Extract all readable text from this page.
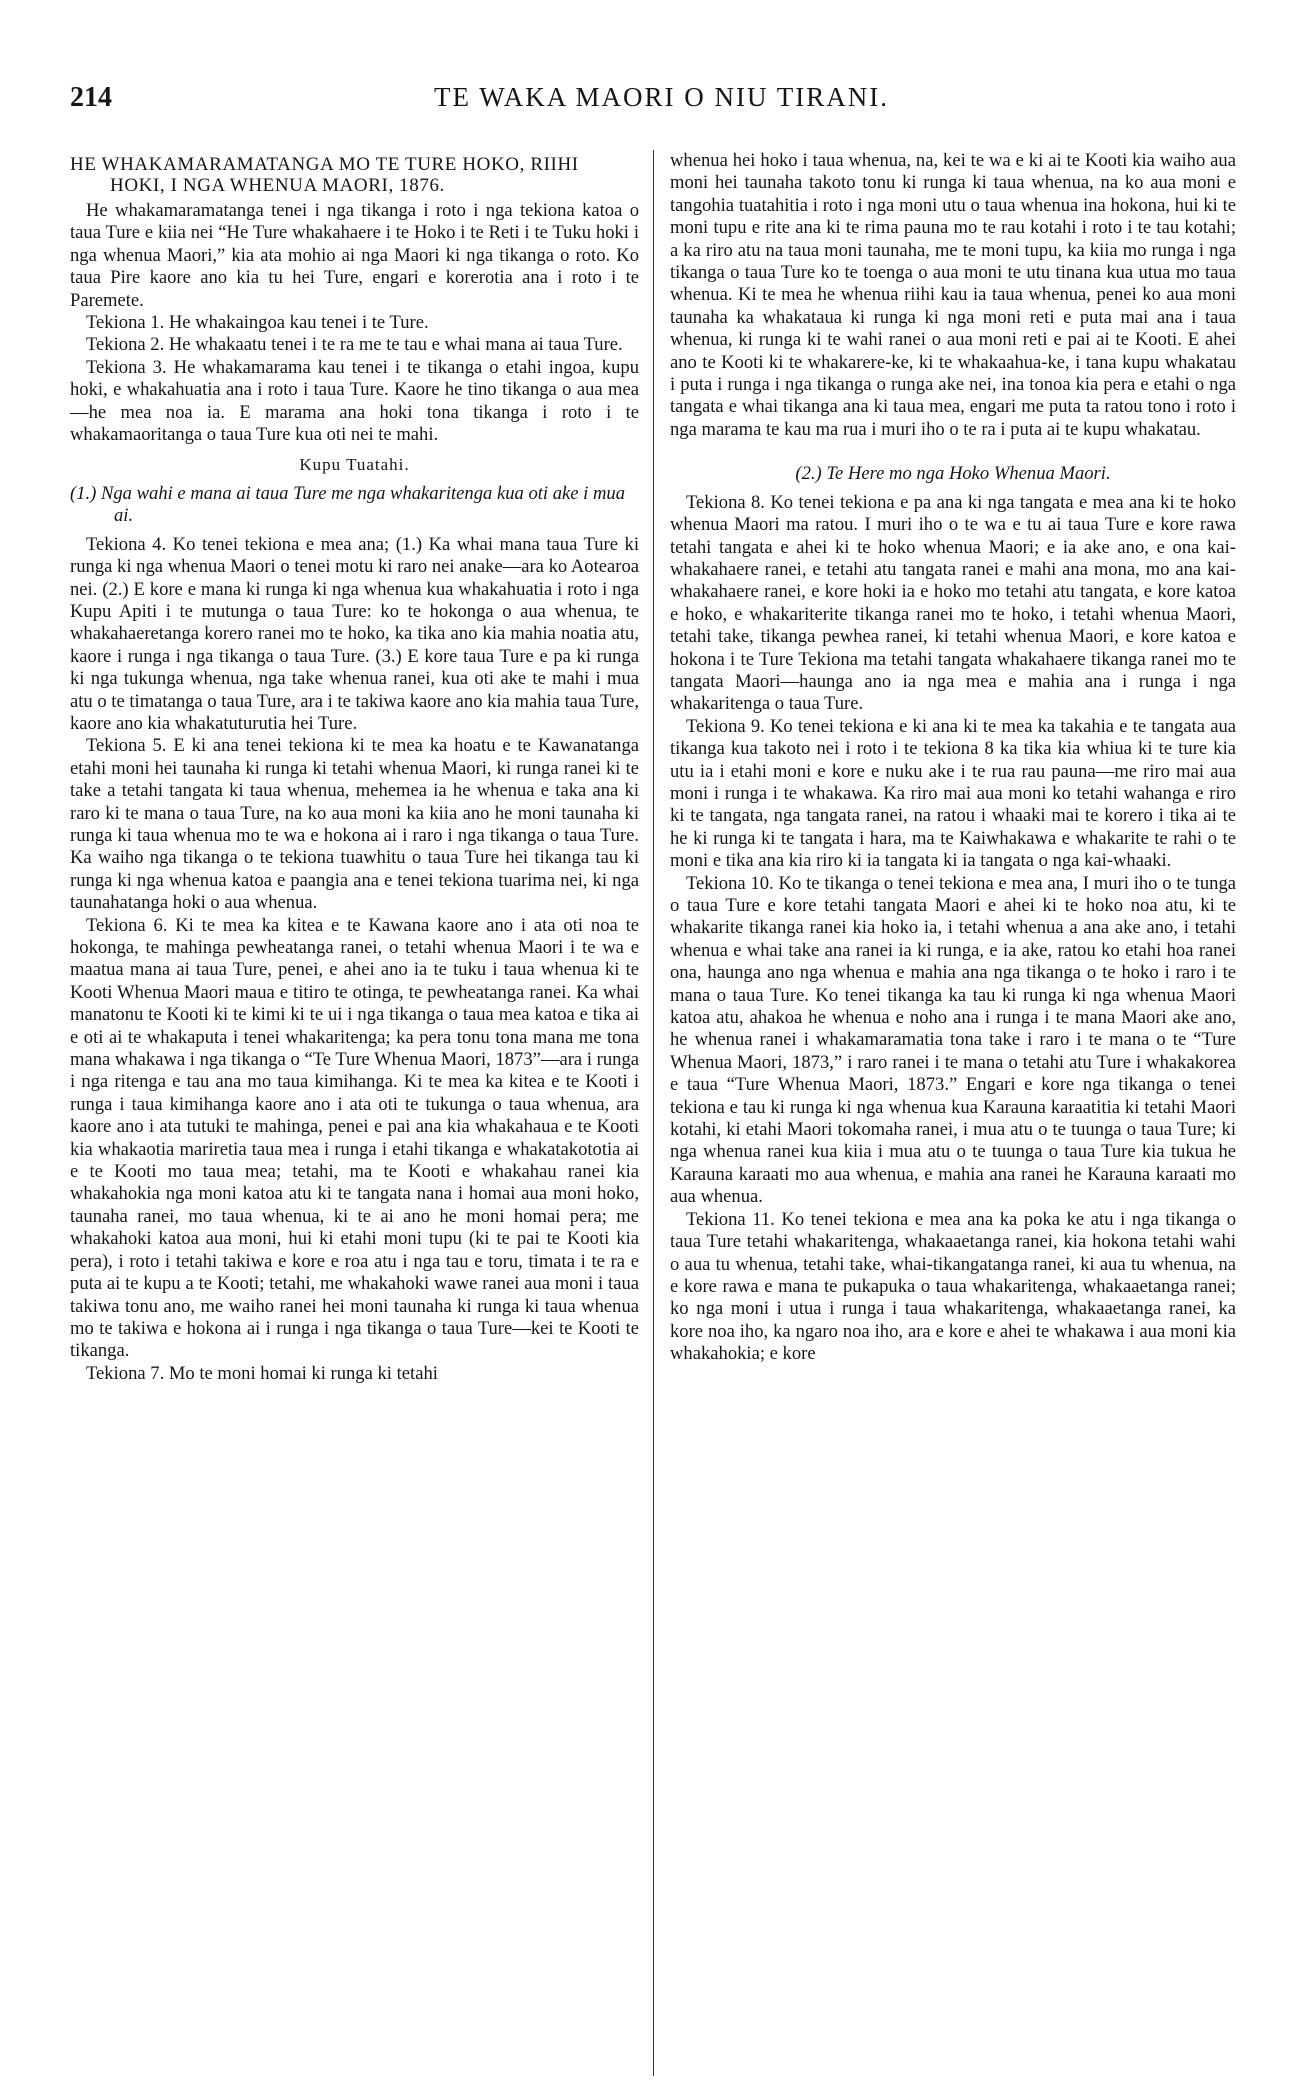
214	TE WAKA MAORI O NIU TIRANI.
HE WHAKAMARAMATANGA MO TE TURE HOKO, RIIHI HOKI, I NGA WHENUA MAORI, 1876.

He whakamaramatanga tenei i nga tikanga i roto i nga tekiona katoa o taua Ture e kiia nei “He Ture whakahaere i te Hoko i te Reti i te Tuku hoki i nga whenua Maori,” kia ata mohio ai nga Maori ki nga tikanga o roto. Ko taua Pire kaore ano kia tu hei Ture, engari e korerotia ana i roto i te Paremete.

Tekiona 1. He whakaingoa kau tenei i te Ture.

Tekiona 2. He whakaatu tenei i te ra me te tau e whai mana ai taua Ture.

Tekiona 3. He whakamarama kau tenei i te tikanga o etahi ingoa, kupu hoki, e whakahuatia ana i roto i taua Ture. Kaore he tino tikanga o aua mea —he mea noa ia. E marama ana hoki tona tikanga i roto i te whakamaoritanga o taua Ture kua oti nei te mahi.

Kupu Tuatahi.
(1.) Nga wahi e mana ai taua Ture me nga whakaritenga kua oti ake i mua ai.

Tekiona 4. Ko tenei tekiona e mea ana; (1.) Ka whai mana taua Ture ki runga ki nga whenua Maori o tenei motu ki raro nei anake—ara ko Aotearoa nei. (2.) E kore e mana ki runga ki nga whenua kua whakahuatia i roto i nga Kupu Apiti i te mutunga o taua Ture: ko te hokonga o aua whenua, te whakahaeretanga korero ranei mo te hoko, ka tika ano kia mahia noatia atu, kaore i runga i nga tikanga o taua Ture. (3.) E kore taua Ture e pa ki runga ki nga tukunga whenua, nga take whenua ranei, kua oti ake te mahi i mua atu o te timatanga o taua Ture, ara i te takiwa kaore ano kia mahia taua Ture, kaore ano kia whakatuturutia hei Ture.

Tekiona 5. E ki ana tenei tekiona ki te mea ka hoatu e te Kawanatanga etahi moni hei taunaha ki runga ki tetahi whenua Maori, ki runga ranei ki te take a tetahi tangata ki taua whenua, mehemea ia he whenua e taka ana ki raro ki te mana o taua Ture, na ko aua moni ka kiia ano he moni taunaha ki runga ki taua whenua mo te wa e hokona ai i raro i nga tikanga o taua Ture. Ka waiho nga tikanga o te tekiona tuawhitu o taua Ture hei tikanga tau ki runga ki nga whenua katoa e paangia ana e tenei tekiona tuarima nei, ki nga taunahatanga hoki o aua whenua.

Tekiona 6. Ki te mea ka kitea e te Kawana kaore ano i ata oti noa te hokonga, te mahinga pewheatanga ranei, o tetahi whenua Maori i te wa e maatua mana ai taua Ture, penei, e ahei ano ia te tuku i taua whenua ki te Kooti Whenua Maori maua e titiro te otinga, te pewheatanga ranei. Ka whai manatonu te Kooti ki te kimi ki te ui i nga tikanga o taua mea katoa e tika ai e oti ai te whakaputa i tenei whakaritenga; ka pera tonu tona mana me tona mana whakawa i nga tikanga o “Te Ture Whenua Maori, 1873”—ara i runga i nga ritenga e tau ana mo taua kimihanga. Ki te mea ka kitea e te Kooti i runga i taua kimihanga kaore ano i ata oti te tukunga o taua whenua, ara kaore ano i ata tutuki te mahinga, penei e pai ana kia whakahaua e te Kooti kia whakaotia mariretia taua mea i runga i etahi tikanga e whakatakototia ai e te Kooti mo taua mea; tetahi, ma te Kooti e whakahau ranei kia whakahokia nga moni katoa atu ki te tangata nana i homai aua moni hoko, taunaha ranei, mo taua whenua, ki te ai ano he moni homai pera; me whakahoki katoa aua moni, hui ki etahi moni tupu (ki te pai te Kooti kia pera), i roto i tetahi takiwa e kore e roa atu i nga tau e toru, timata i te ra e puta ai te kupu a te Kooti; tetahi, me whakahoki wawe ranei aua moni i taua takiwa tonu ano, me waiho ranei hei moni taunaha ki runga ki taua whenua mo te takiwa e hokona ai i runga i nga tikanga o taua Ture—kei te Kooti te tikanga.

Tekiona 7. Mo te moni homai ki runga ki tetahi

whenua hei hoko i taua whenua, na, kei te wa e ki ai te Kooti kia waiho aua moni hei taunaha takoto tonu ki runga ki taua whenua, na ko aua moni e tangohia tuatahitia i roto i nga moni utu o taua whenua ina hokona, hui ki te moni tupu e rite ana ki te rima pauna mo te rau kotahi i roto i te tau kotahi; a ka riro atu na taua moni taunaha, me te moni tupu, ka kiia mo runga i nga tikanga o taua Ture ko te toenga o aua moni te utu tinana kua utua mo taua whenua. Ki te mea he whenua riihi kau ia taua whenua, penei ko aua moni taunaha ka whakataua ki runga ki nga moni reti e puta mai ana i taua whenua, ki runga ki te wahi ranei o aua moni reti e pai ai te Kooti. E ahei ano te Kooti ki te whakarere-ke, ki te whakaahua-ke, i tana kupu whakatau i puta i runga i nga tikanga o runga ake nei, ina tonoa kia pera e etahi o nga tangata e whai tikanga ana ki taua mea, engari me puta ta ratou tono i roto i nga marama te kau ma rua i muri iho o te ra i puta ai te kupu whakatau.

(2.) Te Here mo nga Hoko Whenua Maori.

Tekiona 8. Ko tenei tekiona e pa ana ki nga tangata e mea ana ki te hoko whenua Maori ma ratou. I muri iho o te wa e tu ai taua Ture e kore rawa tetahi tangata e ahei ki te hoko whenua Maori; e ia ake ano, e ona kai-whakahaere ranei, e tetahi atu tangata ranei e mahi ana mona, mo ana kai-whakahaere ranei, e kore hoki ia e hoko mo tetahi atu tangata, e kore katoa e hoko, e whakariterite tikanga ranei mo te hoko, i tetahi whenua Maori, tetahi take, tikanga pewhea ranei, ki tetahi whenua Maori, e kore katoa e hokona i te Ture Tekiona ma tetahi tangata whakahaere tikanga ranei mo te tangata Maori—haunga ano ia nga mea e mahia ana i runga i nga whakaritenga o taua Ture.

Tekiona 9. Ko tenei tekiona e ki ana ki te mea ka takahia e te tangata aua tikanga kua takoto nei i roto i te tekiona 8 ka tika kia whiua ki te ture kia utu ia i etahi moni e kore e nuku ake i te rua rau pauna—me riro mai aua moni i runga i te whakawa. Ka riro mai aua moni ko tetahi wahanga e riro ki te tangata, nga tangata ranei, na ratou i whaaki mai te korero i tika ai te he ki runga ki te tangata i hara, ma te Kaiwhakawa e whakarite te rahi o te moni e tika ana kia riro ki ia tangata ki ia tangata o nga kai-whaaki.

Tekiona 10. Ko te tikanga o tenei tekiona e mea ana, I muri iho o te tunga o taua Ture e kore tetahi tangata Maori e ahei ki te hoko noa atu, ki te whakarite tikanga ranei kia hoko ia, i tetahi whenua a ana ake ano, i tetahi whenua e whai take ana ranei ia ki runga, e ia ake, ratou ko etahi hoa ranei ona, haunga ano nga whenua e mahia ana nga tikanga o te hoko i raro i te mana o taua Ture. Ko tenei tikanga ka tau ki runga ki nga whenua Maori katoa atu, ahakoa he whenua e noho ana i runga i te mana Maori ake ano, he whenua ranei i whakamaramatia tona take i raro i te mana o te “Ture Whenua Maori, 1873,” i raro ranei i te mana o tetahi atu Ture i whakakorea e taua “Ture Whenua Maori, 1873.” Engari e kore nga tikanga o tenei tekiona e tau ki runga ki nga whenua kua Karauna karaatitia ki tetahi Maori kotahi, ki etahi Maori tokomaha ranei, i mua atu o te tuunga o taua Ture; ki nga whenua ranei kua kiia i mua atu o te tuunga o taua Ture kia tukua he Karauna karaati mo aua whenua, e mahia ana ranei he Karauna karaati mo aua whenua.

Tekiona 11. Ko tenei tekiona e mea ana ka poka ke atu i nga tikanga o taua Ture tetahi whakaritenga, whakaaetanga ranei, kia hokona tetahi wahi o aua tu whenua, tetahi take, whai-tikangatanga ranei, ki aua tu whenua, na e kore rawa e mana te pukapuka o taua whakaritenga, whakaaetanga ranei; ko nga moni i utua i runga i taua whakaritenga, whakaaetanga ranei, ka kore noa iho, ka ngaro noa iho, ara e kore e ahei te whakawa i aua moni kia whakahokia; e kore
